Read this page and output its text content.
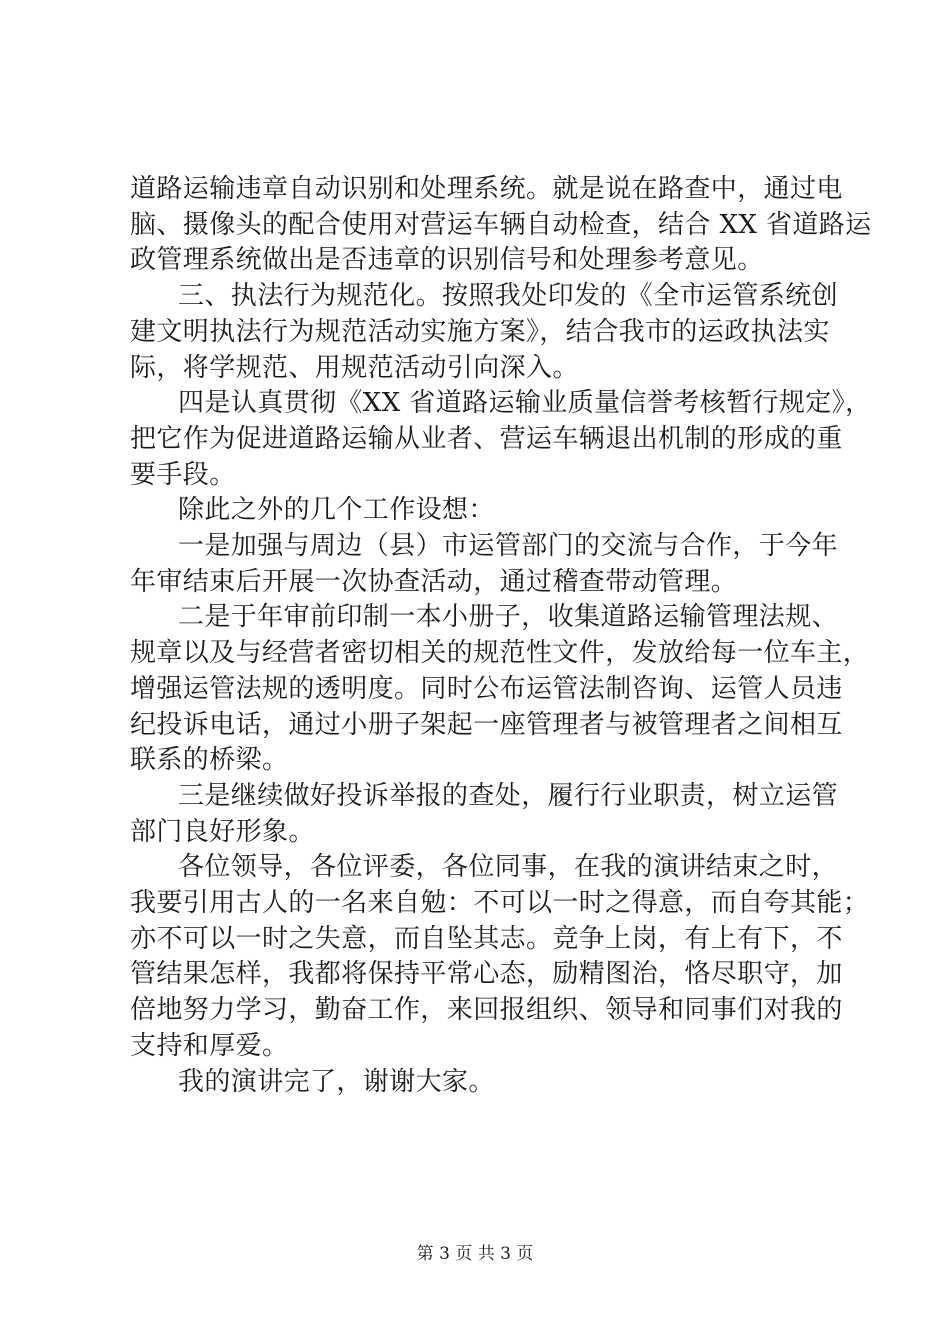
道路运输违章自动识别和处理系统。就是说在路查中，通过电
脑、摄像头的配合使用对营运车辆自动检查，结合 XX 省道路运
政管理系统做出是否违章的识别信号和处理参考意见。
三、执法行为规范化。按照我处印发的《全市运管系统创
建文明执法行为规范活动实施方案》，结合我市的运政执法实
际，将学规范、用规范活动引向深入。
四是认真贯彻《XX 省道路运输业质量信誉考核暂行规定》，
把它作为促进道路运输从业者、营运车辆退出机制的形成的重
要手段。
除此之外的几个工作设想：
一是加强与周边（县）市运管部门的交流与合作，于今年
年审结束后开展一次协查活动，通过稽查带动管理。
二是于年审前印制一本小册子，收集道路运输管理法规、
规章以及与经营者密切相关的规范性文件，发放给每一位车主，
增强运管法规的透明度。同时公布运管法制咨询、运管人员违
纪投诉电话，通过小册子架起一座管理者与被管理者之间相互
联系的桥梁。
三是继续做好投诉举报的查处，履行行业职责，树立运管
部门良好形象。
各位领导，各位评委，各位同事，在我的演讲结束之时，
我要引用古人的一名来自勉：不可以一时之得意，而自夸其能；
亦不可以一时之失意，而自坠其志。竞争上岗，有上有下，不
管结果怎样，我都将保持平常心态，励精图治，恪尽职守，加
倍地努力学习，勤奋工作，来回报组织、领导和同事们对我的
支持和厚爱。
我的演讲完了，谢谢大家。
第 3 页 共 3 页
